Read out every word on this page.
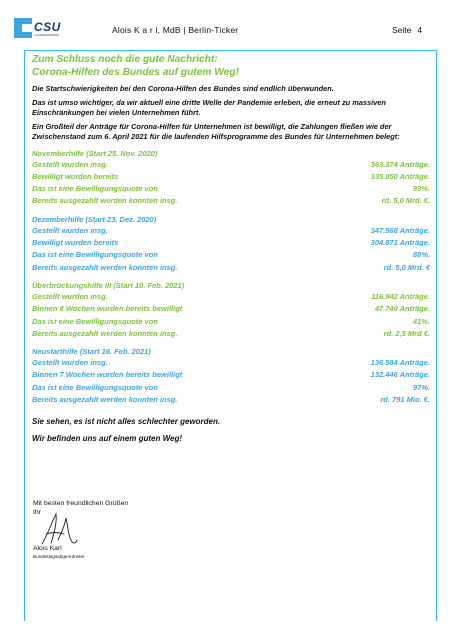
CSU
LANDESGRUPPE	Alois K a r l, MdB | Berlin-Ticker	Seite 4
Zum Schluss noch die gute Nachricht:
Corona-Hilfen des Bundes auf gutem Weg!
Die Startschwierigkeiten bei den Corona-Hilfen des Bundes sind endlich überwunden.
Das ist umso wichtiger, da wir aktuell eine dritte Welle der Pandemie erleben, die erneut zu massiven Einschränkungen bei vielen Unternehmen führt.
Ein Großteil der Anträge für Corona-Hilfen für Unternehmen ist bewilligt, die Zahlungen fließen wie der Zwischenstand zum 6. April 2021 für die laufenden Hilfsprogramme des Bundes für Unternehmen belegt:
Novemberhilfe (Start 25. Nov. 2020)
Gestellt wurden insg.	363.374 Anträge.
Bewilligt wurden bereits	335.050 Anträge.
Das ist eine Bewilligungsquote von	93%.
Bereits ausgezahlt werden konnten insg.	rd. 5,0 Mrd. €.
Dezemberhilfe (Start 23. Dez. 2020)
Gestellt wurden insg.	347.568 Anträge.
Bewilligt wurden bereits	304.871 Anträge.
Das ist eine Bewilligungsquote von	88%.
Bereits ausgezahlt werden konnten insg.	rd. 5,0 Mrd. €
Überbrückungshilfe III (Start 10. Feb. 2021)
Gestellt wurden insg.	116.942 Anträge.
Binnen 8 Wochen wurden bereits bewilligt	47.740 Anträge.
Das ist eine Bewilligungsquote von	41%.
Bereits ausgezahlt werden konnten insg.	rd. 2,5 Mrd €.
Neustarthilfe (Start 16. Feb. 2021)
Gestellt wurden insg.	136.584 Anträge.
Binnen 7 Wochen wurden bereits bewilligt	132.446 Anträge.
Das ist eine Bewilligungsquote von	97%.
Bereits ausgezahlt werden konnten insg.	rd. 791 Mio. €.
Sie sehen, es ist nicht alles schlechter geworden.
Wir befinden uns auf einem guten Weg!
Mit besten freundlichen Grüßen
Ihr
Alois Karl
Bundestagsabgeordneter
